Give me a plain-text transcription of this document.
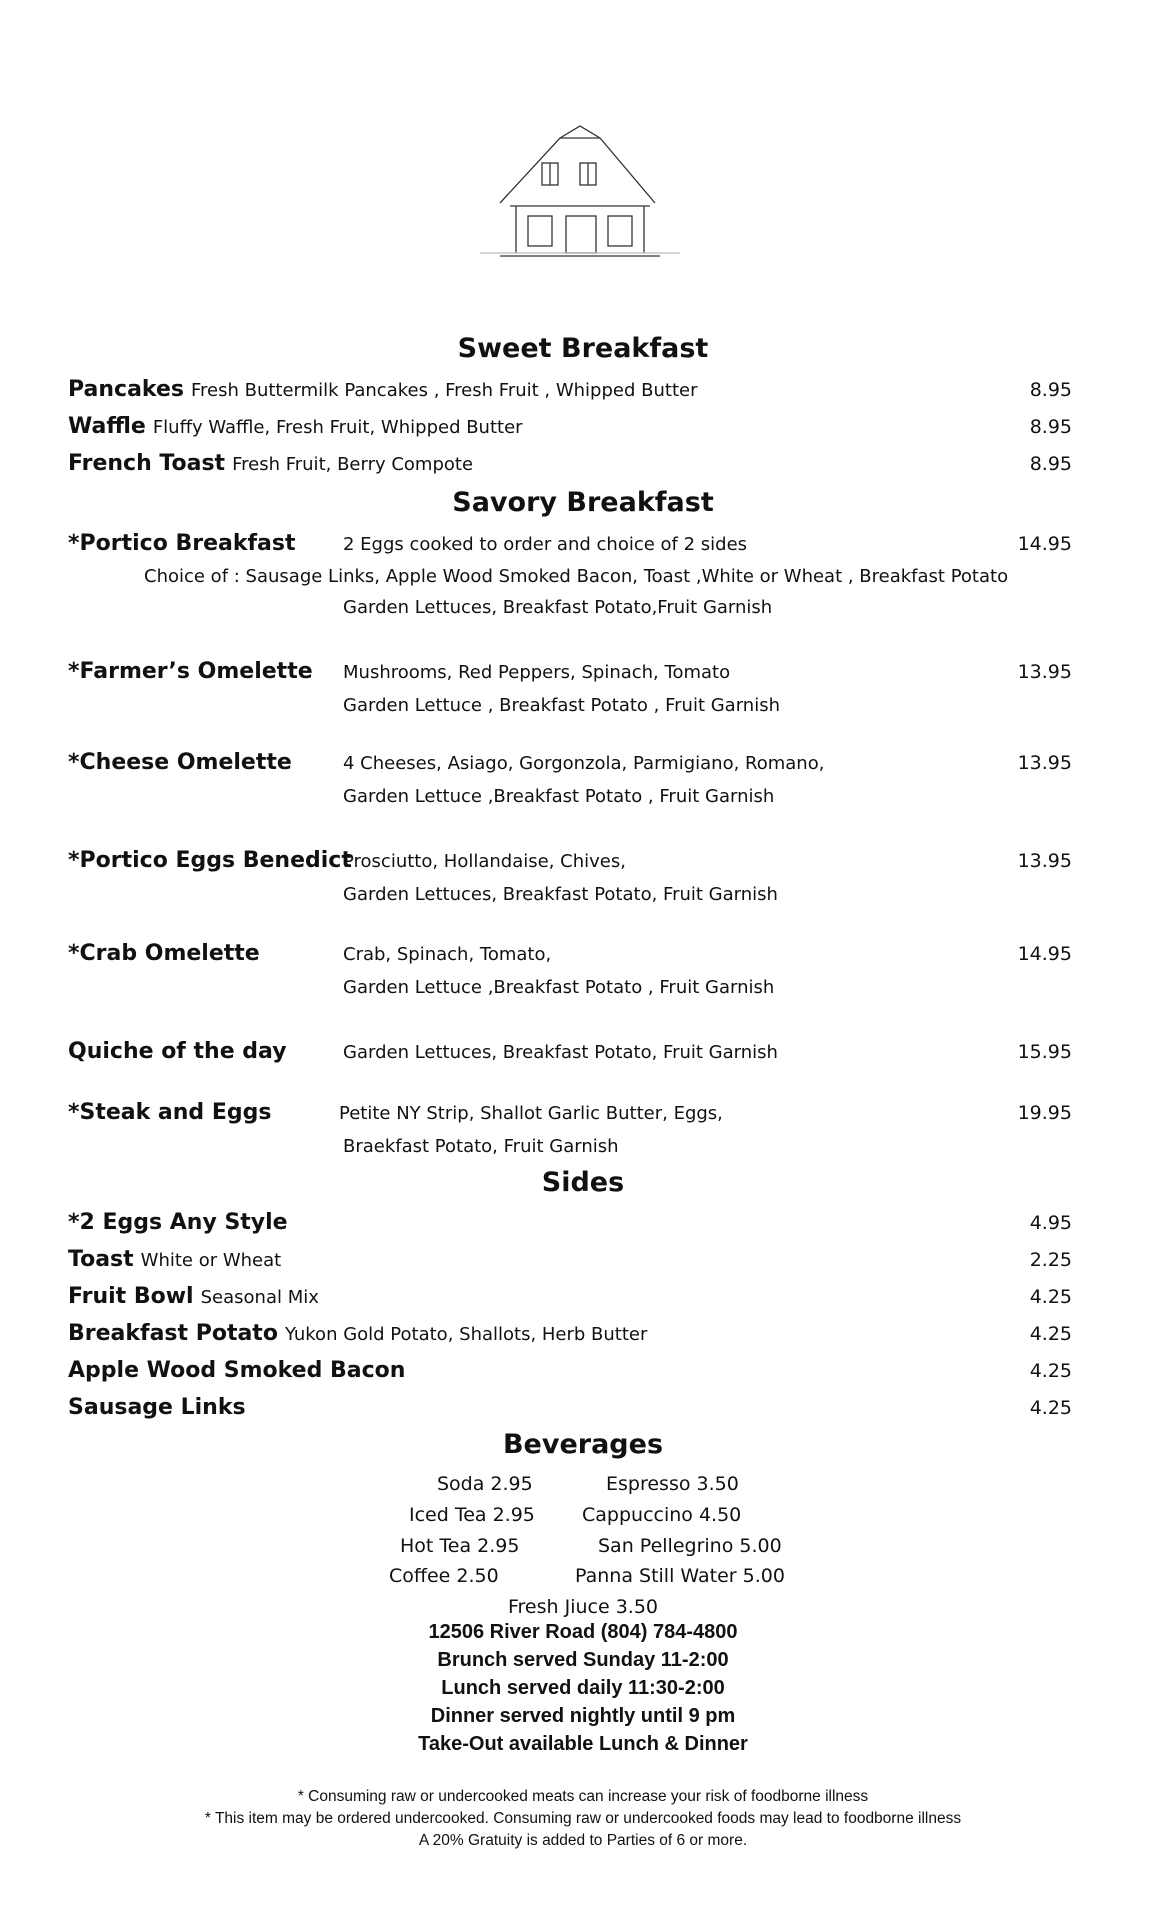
Sweet Breakfast
Pancakes Fresh Buttermilk Pancakes , Fresh Fruit , Whipped Butter	8.95
Waffle Fluffy Waffle, Fresh Fruit, Whipped Butter	8.95
French Toast Fresh Fruit, Berry Compote	8.95
Savory Breakfast
*Portico Breakfast	2 Eggs cooked to order and choice of 2 sides	14.95
Choice of : Sausage Links, Apple Wood Smoked Bacon, Toast ,White or Wheat , Breakfast Potato
Garden Lettuces, Breakfast Potato,Fruit Garnish
*Farmer’s Omelette Mushrooms, Red Peppers, Spinach, Tomato	13.95
Garden Lettuce , Breakfast Potato , Fruit Garnish
*Cheese Omelette	4 Cheeses, Asiago, Gorgonzola, Parmigiano, Romano,	13.95
Garden Lettuce ,Breakfast Potato , Fruit Garnish
*Portico Eggs Benedict
Prosciutto, Hollandaise, Chives,	13.95
Garden Lettuces, Breakfast Potato, Fruit Garnish
*Crab Omelette	Crab, Spinach, Tomato,	14.95
Garden Lettuce ,Breakfast Potato , Fruit Garnish
Quiche of the day	Garden Lettuces, Breakfast Potato, Fruit Garnish	15.95
*Steak and Eggs	Petite NY Strip, Shallot Garlic Butter, Eggs,	19.95
Braekfast Potato, Fruit Garnish
Sides
*2 Eggs Any Style	4.95
Toast White or Wheat	2.25
Fruit Bowl Seasonal Mix	4.25
Breakfast Potato Yukon Gold Potato, Shallots, Herb Butter	4.25
Apple Wood Smoked Bacon	4.25
Sausage Links	4.25
Beverages
Soda 2.95	Espresso 3.50
Iced Tea 2.95 Cappuccino 4.50
Hot Tea 2.95	San Pellegrino 5.00
Coffee 2.50	Panna Still Water 5.00
Fresh Jiuce 3.50
12506 River Road (804) 784-4800
Brunch served Sunday 11-2:00
Lunch served daily 11:30-2:00
Dinner served nightly until 9 pm
Take-Out available Lunch & Dinner
* Consuming raw or undercooked meats can increase your risk of foodborne illness
* This item may be ordered undercooked. Consuming raw or undercooked foods may lead to foodborne illness
A 20% Gratuity is added to Parties of 6 or more.
